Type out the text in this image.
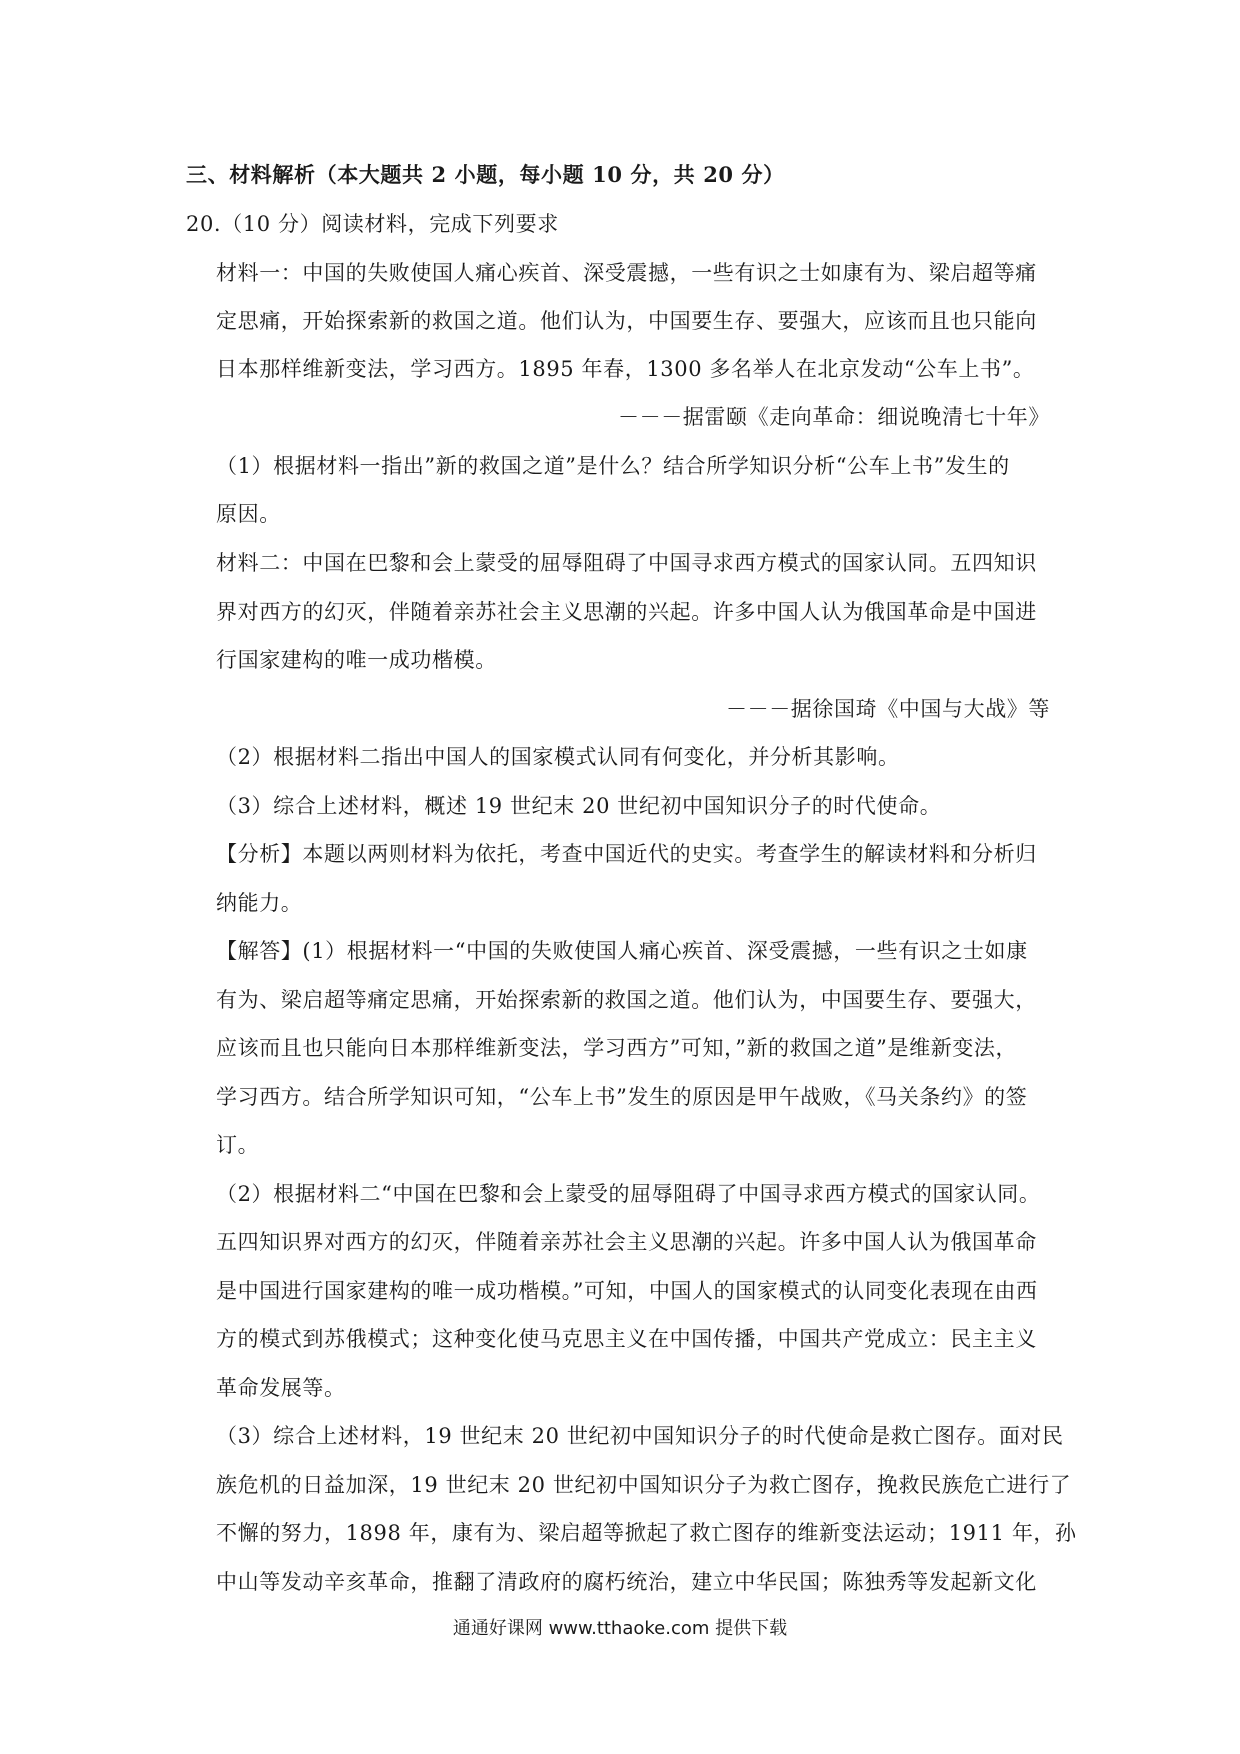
三、材料解析（本大题共 2 小题，每小题 10 分，共 20 分）
20.（10 分）阅读材料，完成下列要求
材料一：中国的失败使国人痛心疾首、深受震撼，一些有识之士如康有为、梁启超等痛
定思痛，开始探索新的救国之道。他们认为，中国要生存、要强大，应该而且也只能向
日本那样维新变法，学习西方。1895 年春，1300 多名举人在北京发动“公车上书”。
－－－据雷颐《走向革命：细说晚清七十年》
（1）根据材料一指出”新的救国之道”是什么？结合所学知识分析“公车上书”发生的
原因。
材料二：中国在巴黎和会上蒙受的屈辱阻碍了中国寻求西方模式的国家认同。五四知识
界对西方的幻灭，伴随着亲苏社会主义思潮的兴起。许多中国人认为俄国革命是中国进
行国家建构的唯一成功楷模。
－－－据徐国琦《中国与大战》等
（2）根据材料二指出中国人的国家模式认同有何变化，并分析其影响。
（3）综合上述材料，概述 19 世纪末 20 世纪初中国知识分子的时代使命。
【分析】本题以两则材料为依托，考查中国近代的史实。考查学生的解读材料和分析归
纳能力。
【解答】(1）根据材料一“中国的失败使国人痛心疾首、深受震撼，一些有识之士如康
有为、梁启超等痛定思痛，开始探索新的救国之道。他们认为，中国要生存、要强大，
应该而且也只能向日本那样维新变法，学习西方”可知，”新的救国之道”是维新变法，
学习西方。结合所学知识可知，“公车上书”发生的原因是甲午战败，《马关条约》的签
订。
（2）根据材料二“中国在巴黎和会上蒙受的屈辱阻碍了中国寻求西方模式的国家认同。
五四知识界对西方的幻灭，伴随着亲苏社会主义思潮的兴起。许多中国人认为俄国革命
是中国进行国家建构的唯一成功楷模。”可知，中国人的国家模式的认同变化表现在由西
方的模式到苏俄模式；这种变化使马克思主义在中国传播，中国共产党成立：民主主义
革命发展等。
（3）综合上述材料，19 世纪末 20 世纪初中国知识分子的时代使命是救亡图存。面对民
族危机的日益加深，19 世纪末 20 世纪初中国知识分子为救亡图存，挽救民族危亡进行了
不懈的努力，1898 年，康有为、梁启超等掀起了救亡图存的维新变法运动；1911 年，孙
中山等发动辛亥革命，推翻了清政府的腐朽统治，建立中华民国；陈独秀等发起新文化
通通好课网 www.tthaoke.com 提供下载
